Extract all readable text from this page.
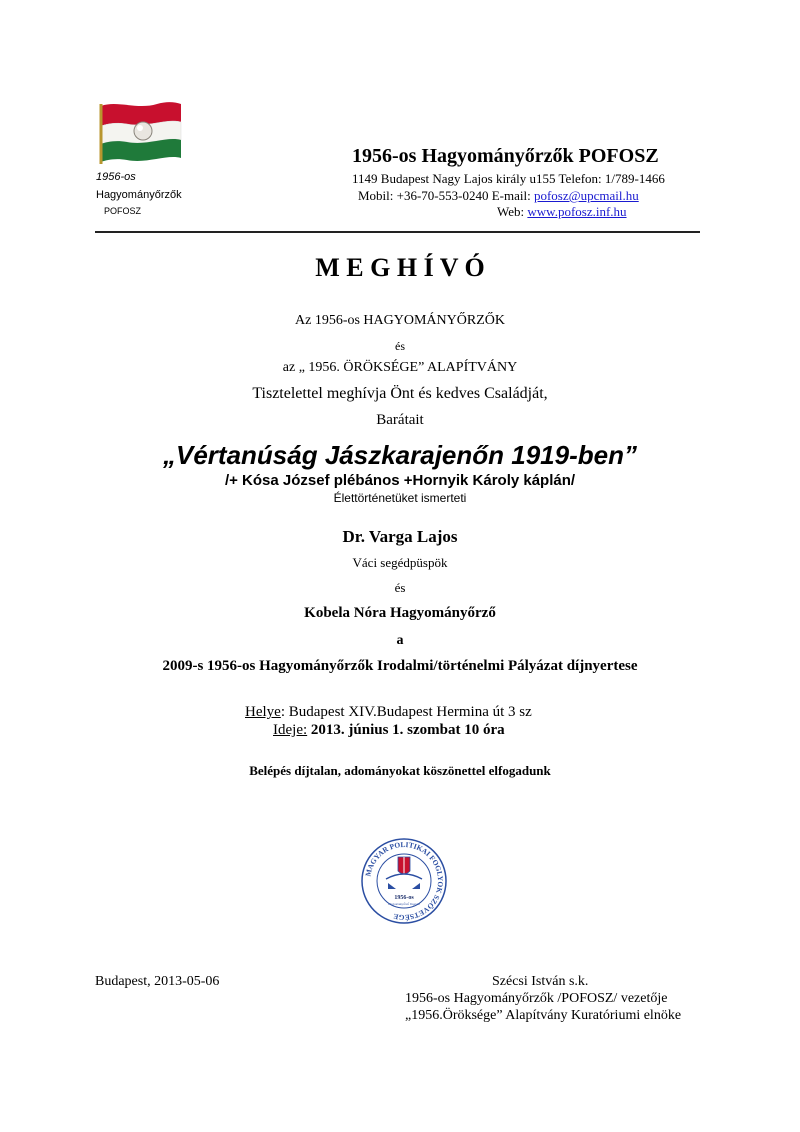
1956-os Hagyományőrzők POFOSZ
1956-os
Hagyományőrzők
POFOSZ
1149 Budapest Nagy Lajos király u155 Telefon: 1/789-1466
Mobil: +36-70-553-0240 E-mail: pofosz@upcmail.hu
Web: www.pofosz.inf.hu
M E G H Í V Ó
Az 1956-os HAGYOMÁNYŐRZŐK
és
az „ 1956. ÖRÖKSÉGE” ALAPÍTVÁNY
Tisztelettel meghívja Önt és kedves Családját,
Barátait
„Vértanúság Jászkarajenőn 1919-ben”
/+ Kósa József plébános +Hornyik Károly káplán/
Élettörténetüket ismerteti
Dr. Varga Lajos
Váci segédpüspök
és
Kobela Nóra Hagyományőrző
a
2009-s 1956-os Hagyományőrzők Irodalmi/történelmi Pályázat díjnyertese
Helye: Budapest XIV.Budapest Hermina út 3 sz
Ideje: 2013. június 1. szombat 10 óra
Belépés díjtalan, adományokat köszönettel elfogadunk
MAGYAR POLITIKAI FOGLYOK SZÖVETSÉGE
1956-os
Hagyományőrző Tagozat
Budapest, 2013-05-06	Szécsi István s.k.
1956-os Hagyományőrzők /POFOSZ/ vezetője
„1956.Öröksége” Alapítvány Kuratóriumi elnöke
